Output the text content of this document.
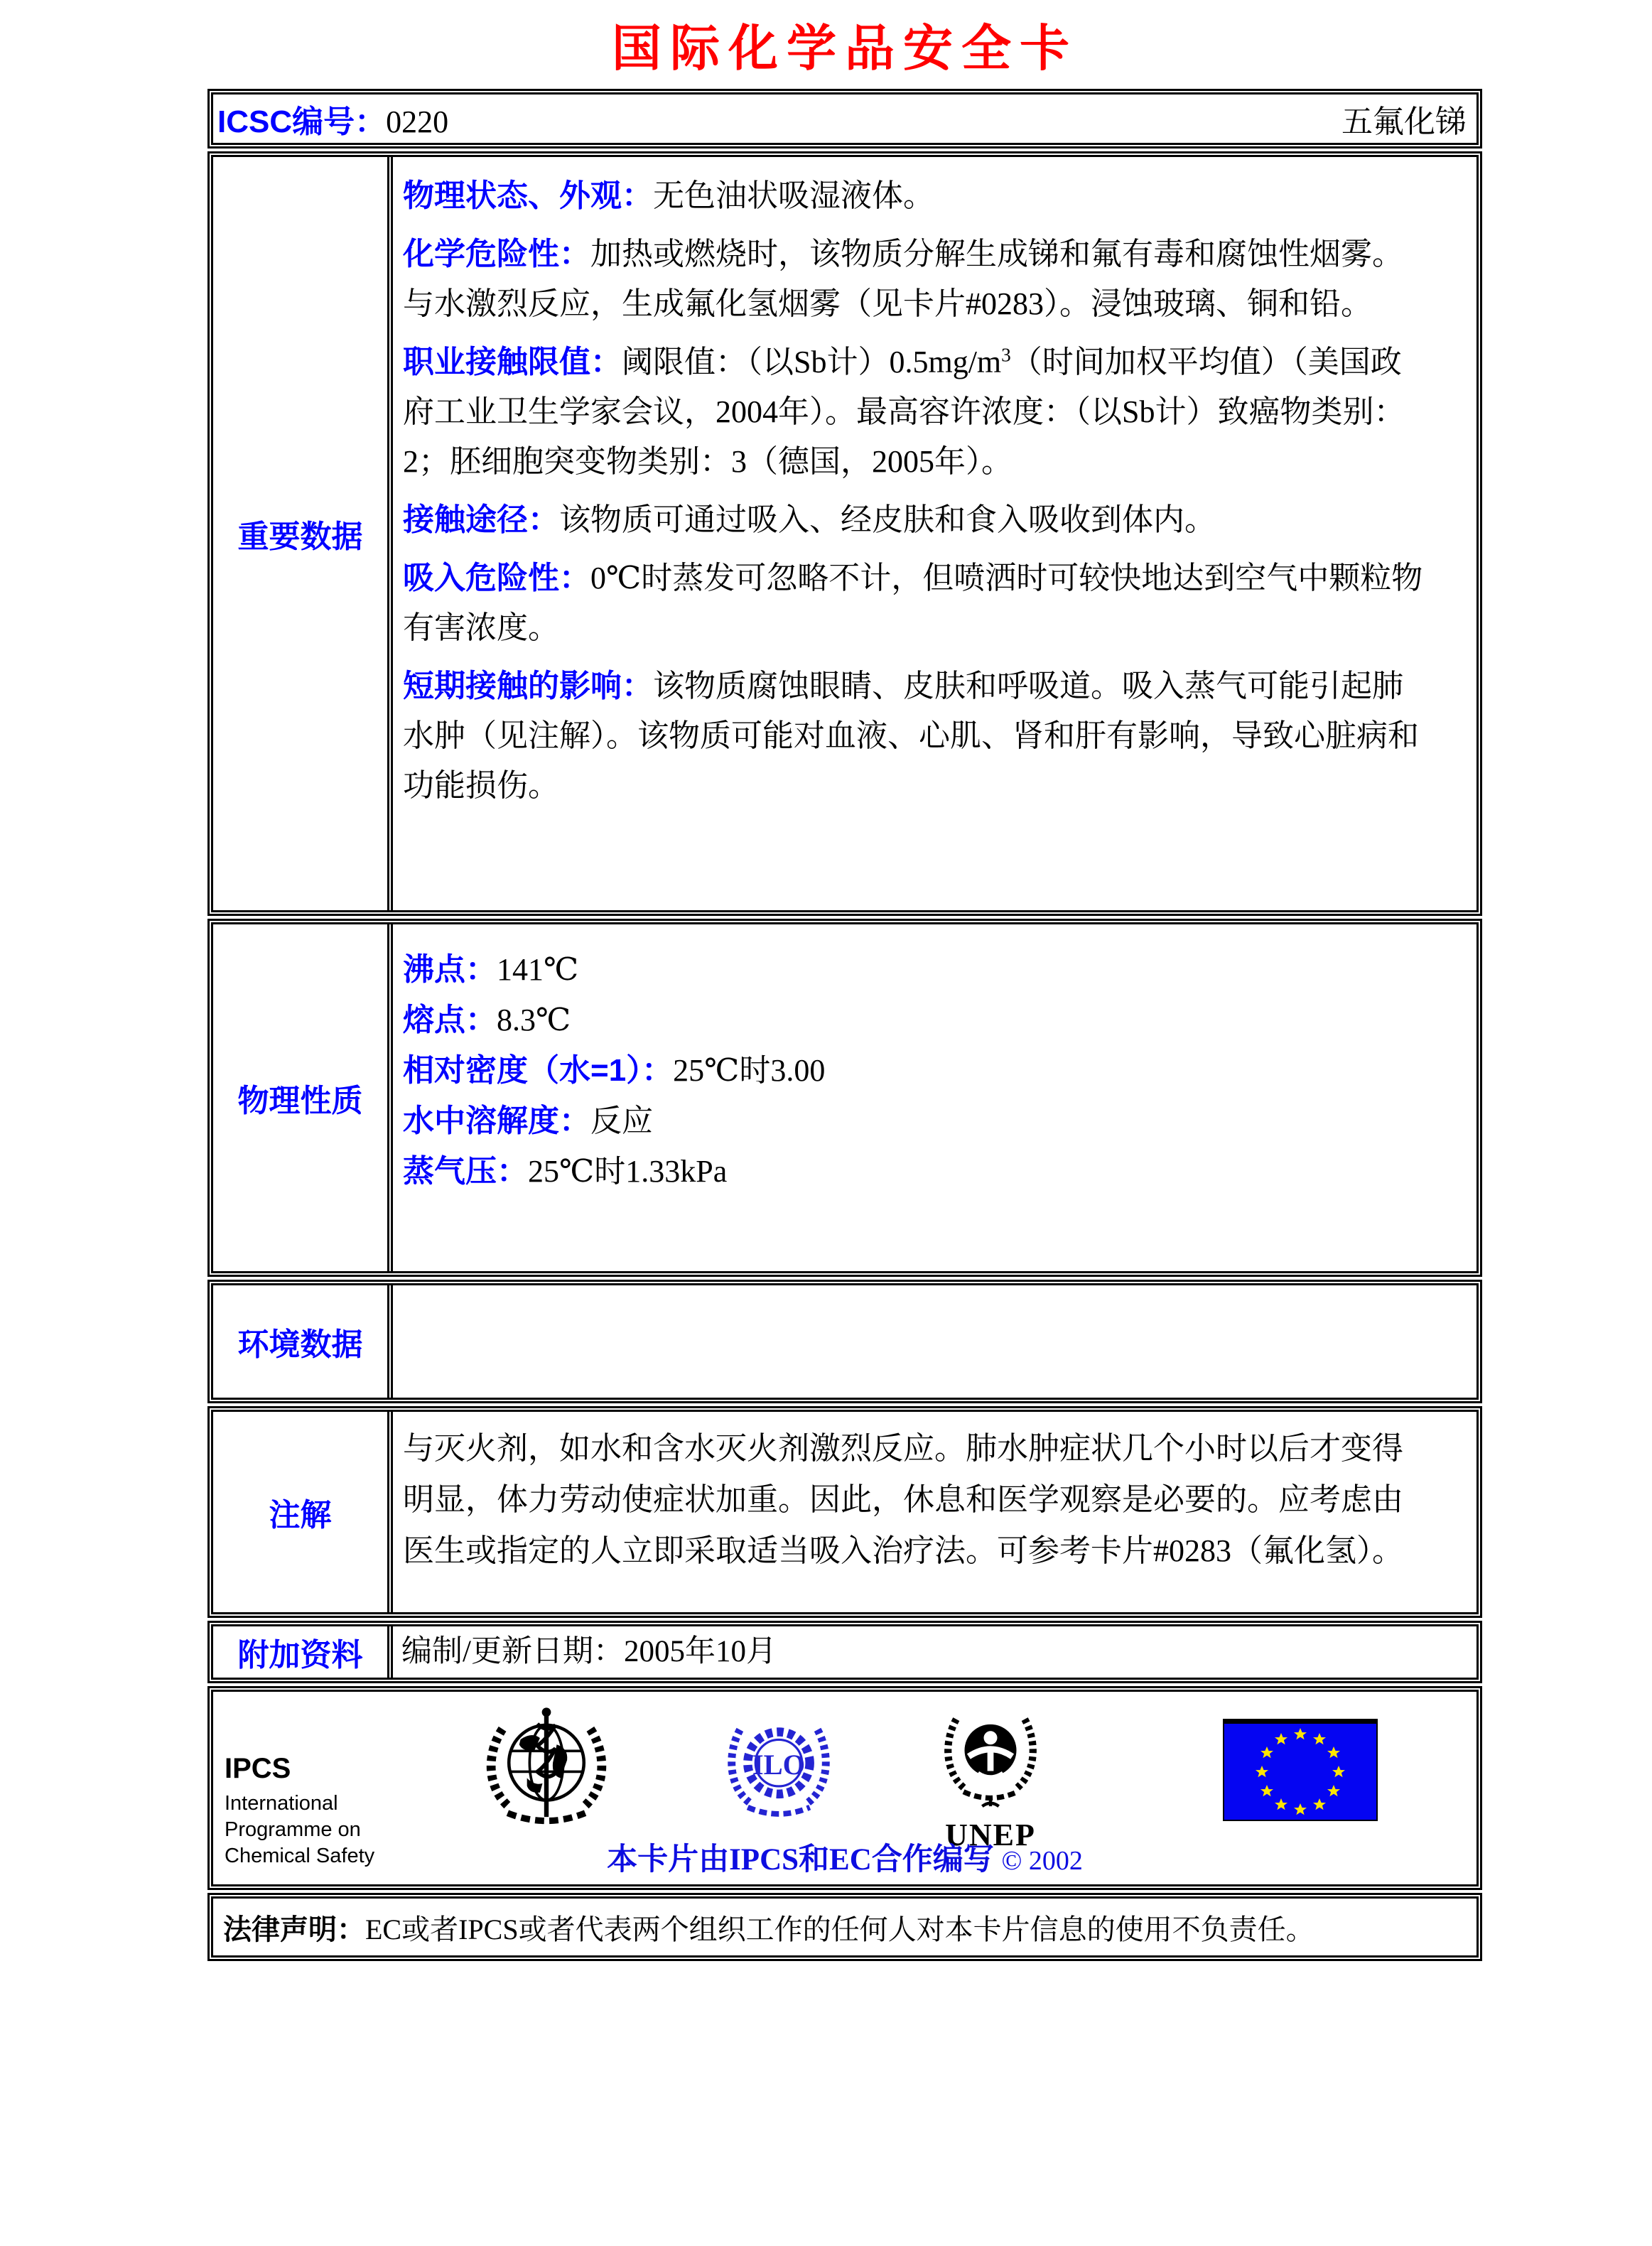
国际化学品安全卡
ICSC编号：0220	五氟化锑
重要数据

物理状态、外观：无色油状吸湿液体。

化学危险性：加热或燃烧时，该物质分解生成锑和氟有毒和腐蚀性烟雾。与水激烈反应，生成氟化氢烟雾（见卡片#0283）。浸蚀玻璃、铜和铅。

职业接触限值：阈限值：（以Sb计）$0.5mg/m^3$（时间加权平均值）（美国政府工业卫生学家会议，2004年）。最高容许浓度：（以Sb计）致癌物类别：2；胚细胞突变物类别：3（德国，2005年）。

接触途径：该物质可通过吸入、经皮肤和食入吸收到体内。

吸入危险性：0℃时蒸发可忽略不计，但喷洒时可较快地达到空气中颗粒物有害浓度。

短期接触的影响：该物质腐蚀眼睛、皮肤和呼吸道。吸入蒸气可能引起肺水肿（见注解）。该物质可能对血液、心肌、肾和肝有影响，导致心脏病和功能损伤。

物理性质

沸点：141℃

熔点：8.3℃

相对密度（水=1）：25℃时3.00

水中溶解度：反应

蒸气压：25℃时1.33kPa

环境数据
注解
与灭火剂，如水和含水灭火剂激烈反应。肺水肿症状几个小时以后才变得明显，体力劳动使症状加重。因此，休息和医学观察是必要的。应考虑由医生或指定的人立即采取适当吸入治疗法。可参考卡片#0283（氟化氢）。
附加资料	编制/更新日期：2005年10月
IPCS
International
Programme on
Chemical Safety
ILO
UNEP
本卡片由IPCS和EC合作编写 © 2002
法律声明： EC或者IPCS或者代表两个组织工作的任何人对本卡片信息的使用不负责任。
